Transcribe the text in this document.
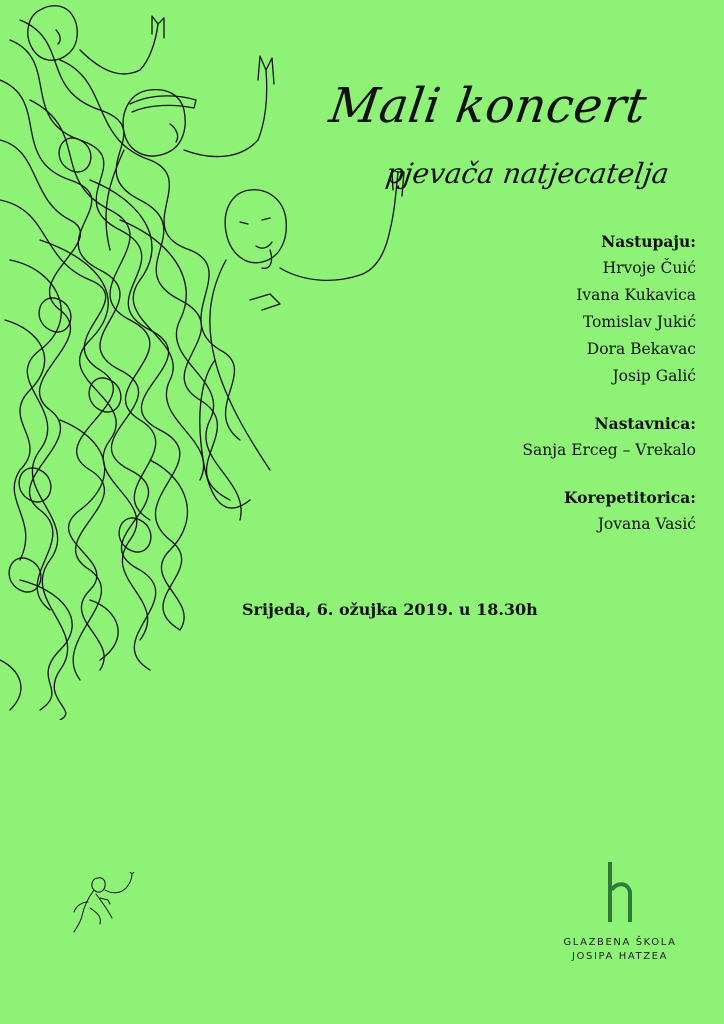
Mali koncert
pjevača natjecatelja
Nastupaju:
Hrvoje Čuić
Ivana Kukavica
Tomislav Jukić
Dora Bekavac
Josip Galić
Nastavnica:
Sanja Erceg – Vrekalo
Korepetitorica:
Jovana Vasić
Srijeda, 6. ožujka 2019. u 18.30h
GLAZBENA ŠKOLA
JOSIPA HATZEA
